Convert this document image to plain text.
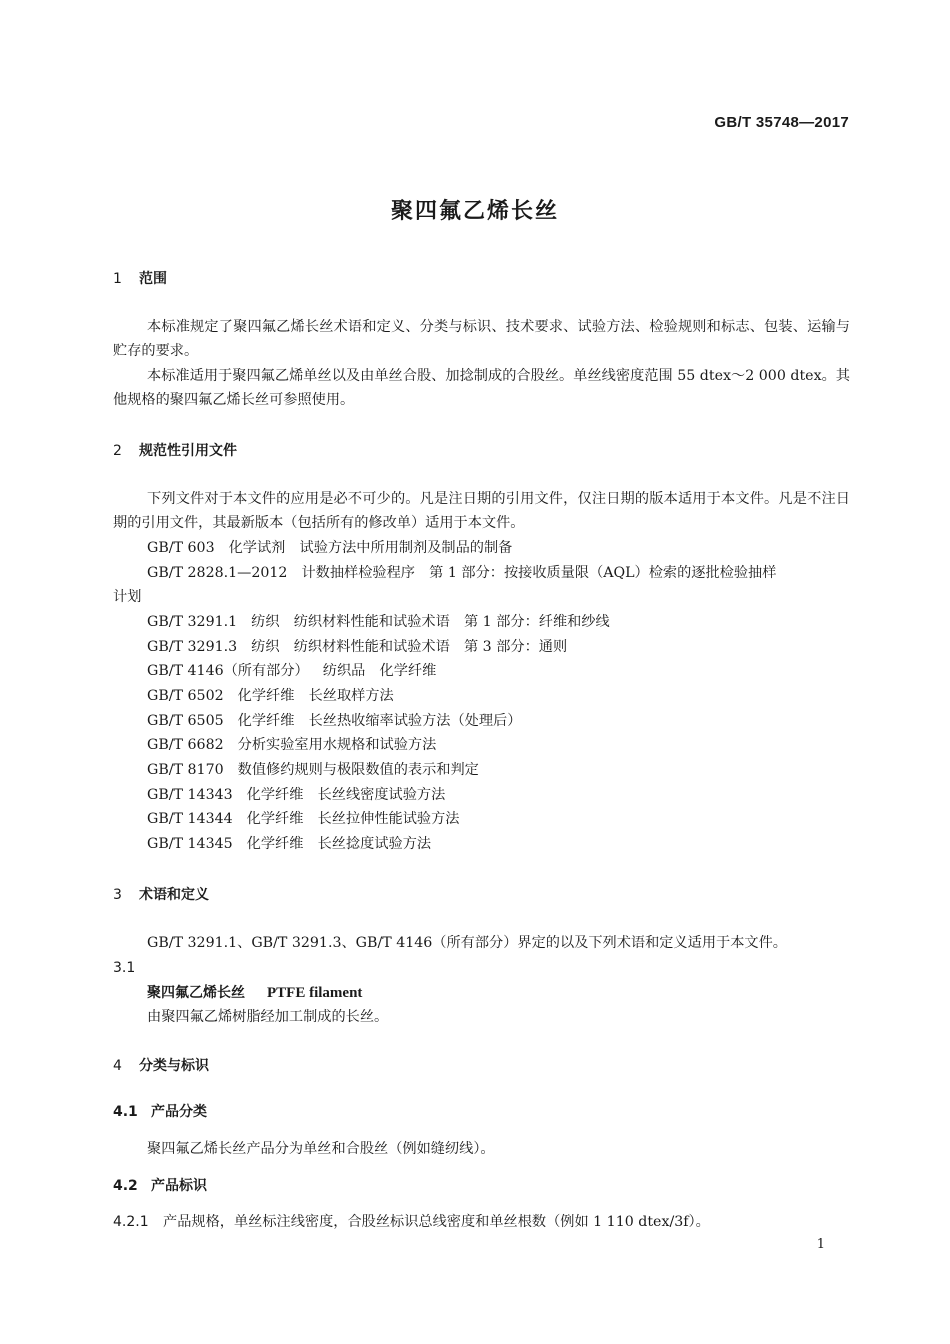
GB/T 35748—2017
聚四氟乙烯长丝
1 范围
本标准规定了聚四氟乙烯长丝术语和定义、分类与标识、技术要求、试验方法、检验规则和标志、包装、运输与贮存的要求。
本标准适用于聚四氟乙烯单丝以及由单丝合股、加捻制成的合股丝。单丝线密度范围 55 dtex～2 000 dtex。其他规格的聚四氟乙烯长丝可参照使用。
2 规范性引用文件
下列文件对于本文件的应用是必不可少的。凡是注日期的引用文件，仅注日期的版本适用于本文件。凡是不注日期的引用文件，其最新版本（包括所有的修改单）适用于本文件。
GB/T 603 化学试剂　试验方法中所用制剂及制品的制备
GB/T 2828.1—2012 计数抽样检验程序　第 1 部分：按接收质量限（AQL）检索的逐批检验抽样
计划
GB/T 3291.1 纺织　纺织材料性能和试验术语　第 1 部分：纤维和纱线
GB/T 3291.3 纺织　纺织材料性能和试验术语　第 3 部分：通则
GB/T 4146（所有部分） 纺织品　化学纤维
GB/T 6502 化学纤维　长丝取样方法
GB/T 6505 化学纤维　长丝热收缩率试验方法（处理后）
GB/T 6682 分析实验室用水规格和试验方法
GB/T 8170 数值修约规则与极限数值的表示和判定
GB/T 14343 化学纤维　长丝线密度试验方法
GB/T 14344 化学纤维　长丝拉伸性能试验方法
GB/T 14345 化学纤维　长丝捻度试验方法
3 术语和定义
GB/T 3291.1、GB/T 3291.3、GB/T 4146（所有部分）界定的以及下列术语和定义适用于本文件。
3.1
聚四氟乙烯长丝 PTFE filament
由聚四氟乙烯树脂经加工制成的长丝。
4 分类与标识
4.1 产品分类
聚四氟乙烯长丝产品分为单丝和合股丝（例如缝纫线）。
4.2 产品标识
4.2.1 产品规格，单丝标注线密度，合股丝标识总线密度和单丝根数（例如 1 110 dtex/3f）。
1
